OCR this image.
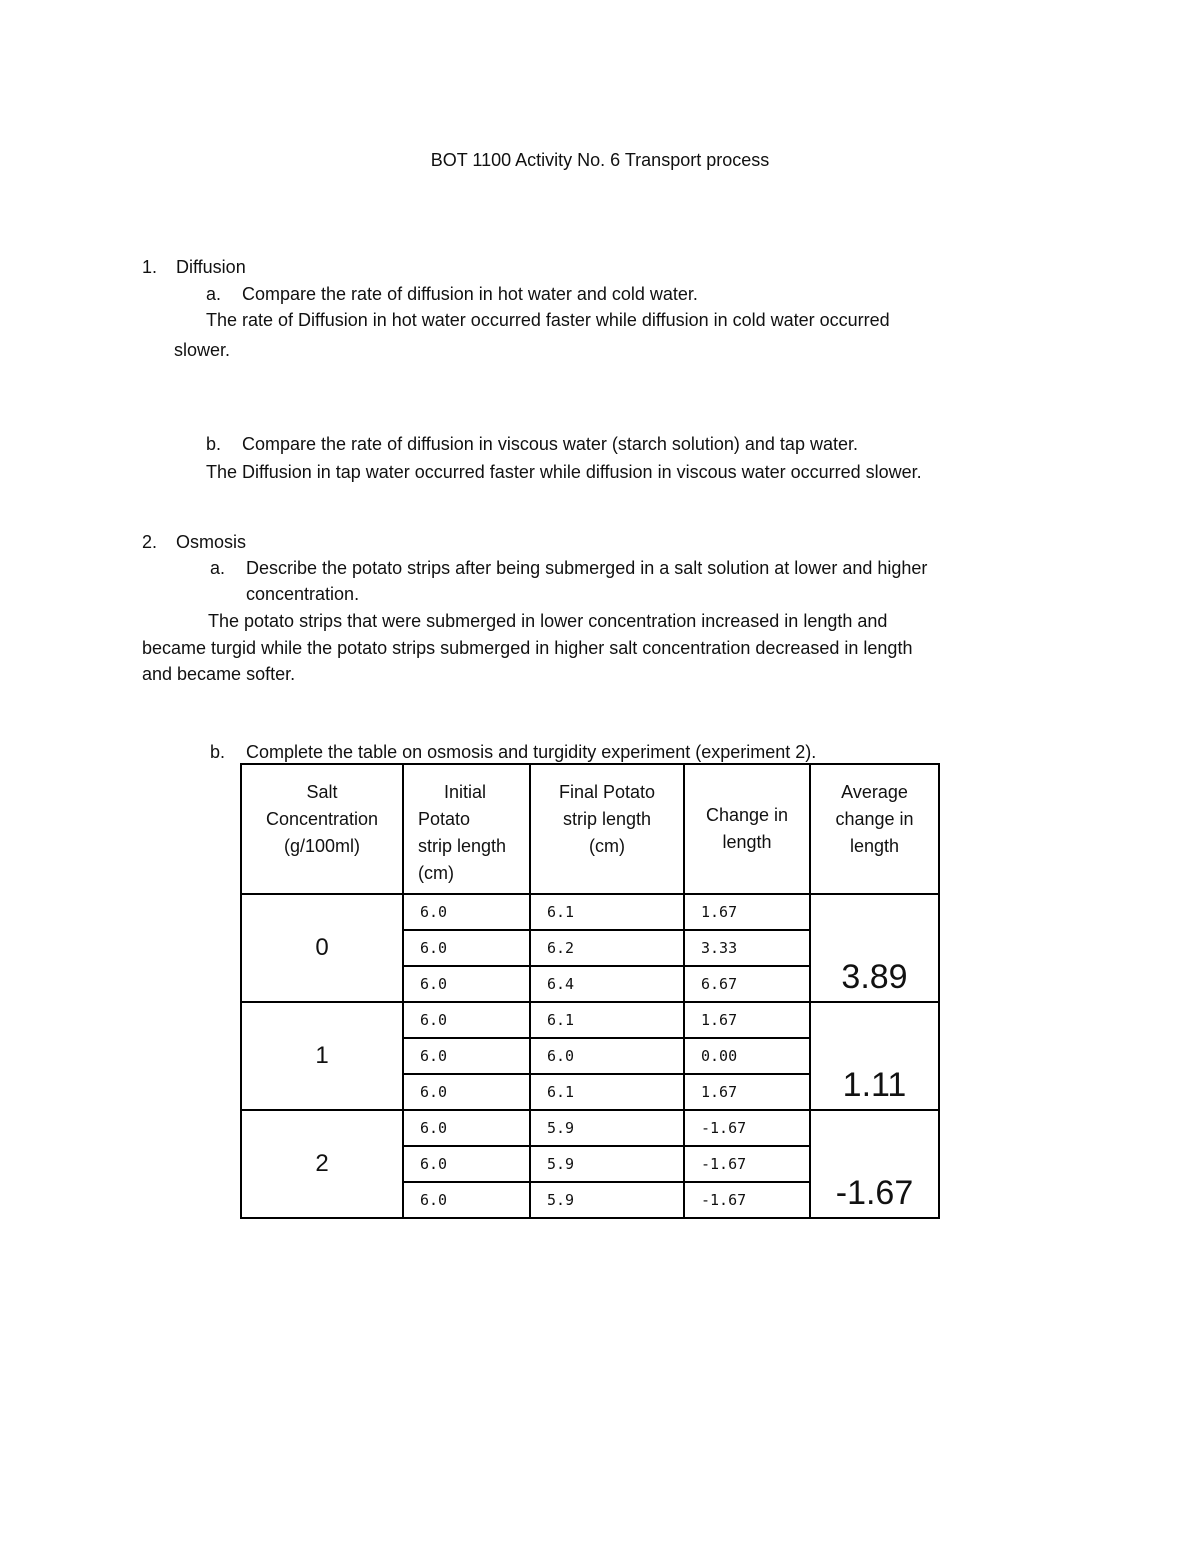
BOT 1100 Activity No. 6 Transport process
1.	Diffusion
a. Compare the rate of diffusion in hot water and cold water.
The rate of Diffusion in hot water occurred faster while diffusion in cold water occurred
slower.
b. Compare the rate of diffusion in viscous water (starch solution) and tap water.
The Diffusion in tap water occurred faster while diffusion in viscous water occurred slower.
2.	Osmosis
a. Describe the potato strips after being submerged in a salt solution at lower and higher
concentration.
The potato strips that were submerged in lower concentration increased in length and
became turgid while the potato strips submerged in higher salt concentration decreased in length
and became softer.
b. Complete the table on osmosis and turgidity experiment (experiment 2).
Salt
Concentration
(g/100ml)	Initial
Potato
strip length
(cm)	Final Potato
strip length
(cm)	Change in
length	Average
change in
length

0	6.0	6.1	1.67	3.89
	6.0	6.2	3.33	
	6.0	6.4	6.67	
1	6.0	6.1	1.67	1.11
	6.0	6.0	0.00	
	6.0	6.1	1.67	
2	6.0	5.9	-1.67	-1.67
	6.0	5.9	-1.67	
	6.0	5.9	-1.67	
